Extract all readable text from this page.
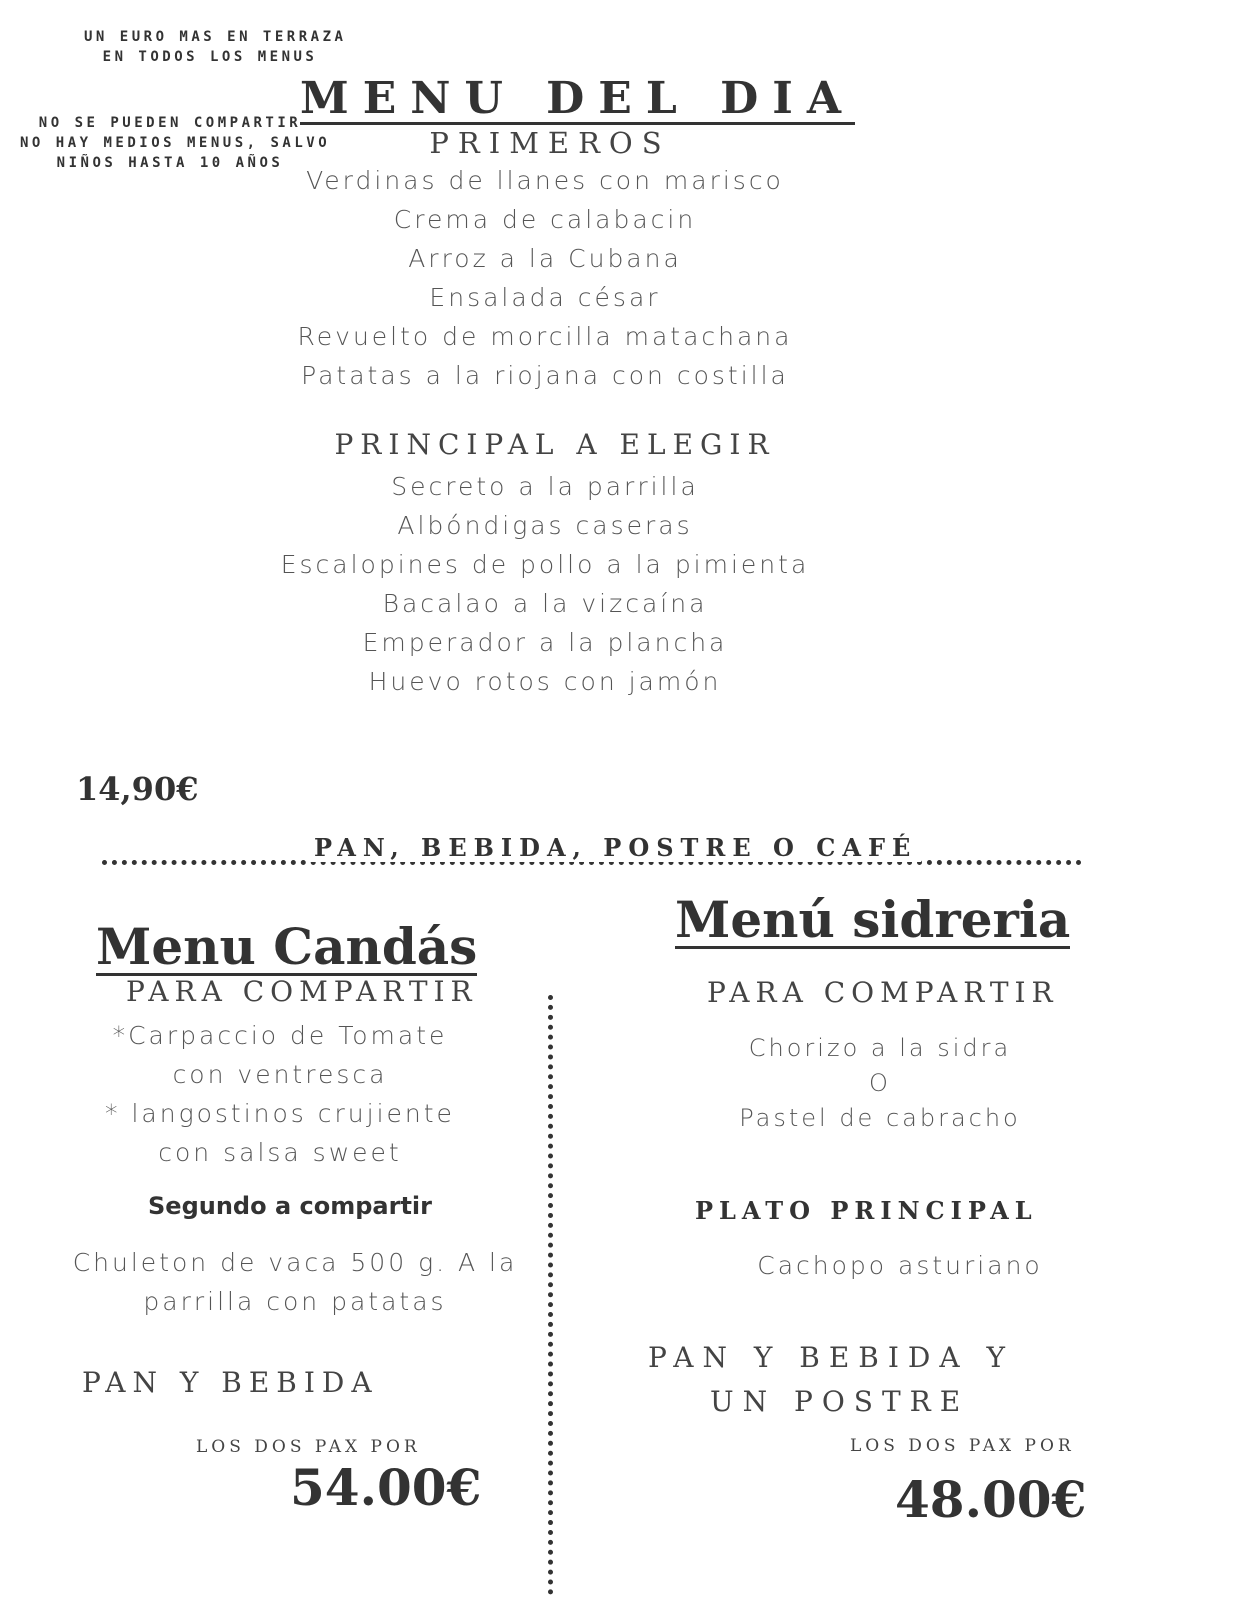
UN EURO MAS EN TERRAZA
EN TODOS LOS MENUS
NO SE PUEDEN COMPARTIR
NO HAY MEDIOS MENUS, SALVO
NIÑOS HASTA 10 AÑOS
MENU DEL DIA
PRIMEROS
Verdinas de llanes con marisco
Crema de calabacin
Arroz a la Cubana
Ensalada césar
Revuelto de morcilla matachana
Patatas a la riojana con costilla
PRINCIPAL A ELEGIR
Secreto a la parrilla
Albóndigas caseras
Escalopines de pollo a la pimienta
Bacalao a la vizcaína
Emperador a la plancha
Huevo rotos con jamón
14,90€
PAN, BEBIDA, POSTRE O CAFÉ
Menu Candás
PARA COMPARTIR
*Carpaccio de Tomate
con ventresca
* langostinos crujiente
con salsa sweet
Segundo a compartir
Chuleton de vaca 500 g. A la
parrilla con patatas
PAN Y BEBIDA
LOS DOS PAX POR
54.00€
Menú sidreria
PARA COMPARTIR
Chorizo a la sidra
O
Pastel de cabracho
PLATO PRINCIPAL
Cachopo asturiano
PAN Y BEBIDA Y
UN POSTRE
LOS DOS PAX POR
48.00€
